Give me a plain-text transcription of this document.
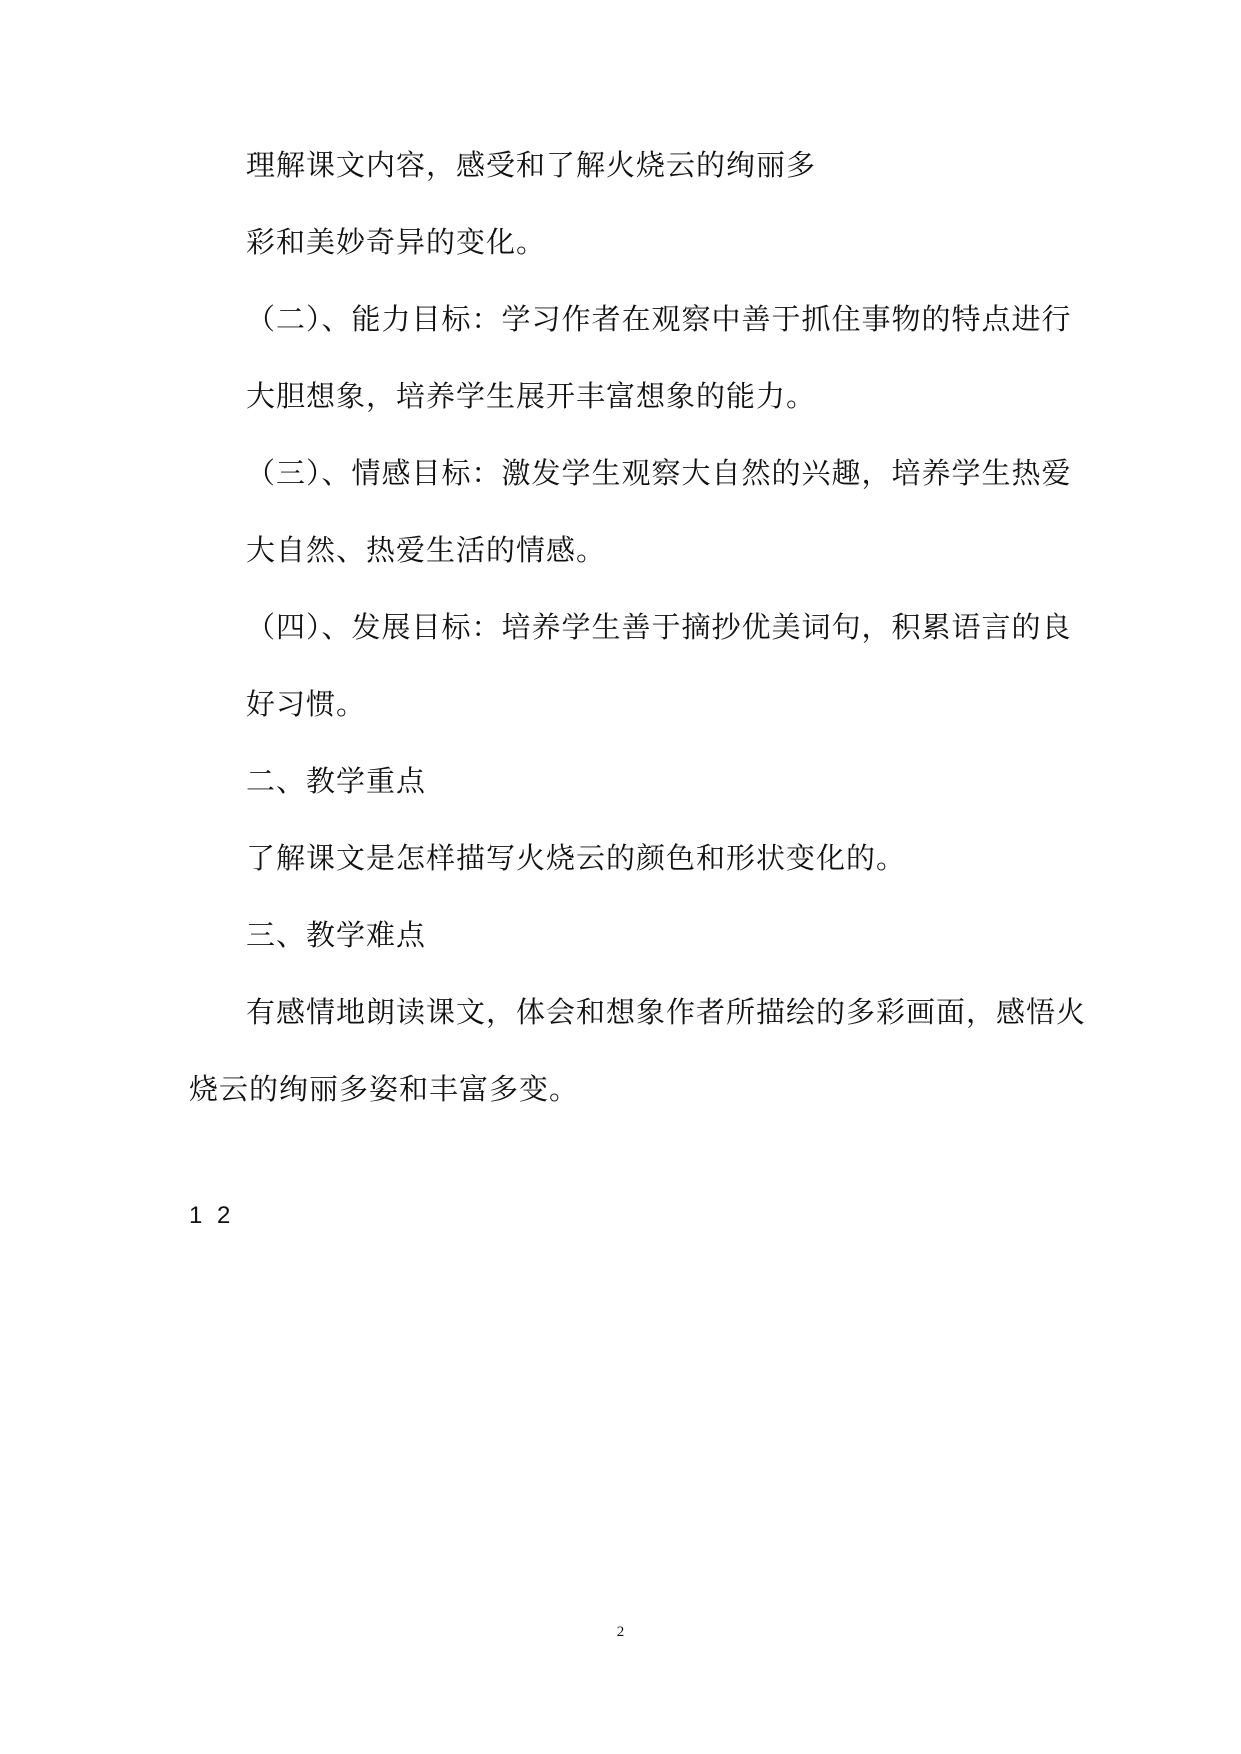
理解课文内容，感受和了解火烧云的绚丽多
彩和美妙奇异的变化。
（二）、能力目标：学习作者在观察中善于抓住事物的特点进行
大胆想象，培养学生展开丰富想象的能力。
（三）、情感目标：激发学生观察大自然的兴趣，培养学生热爱
大自然、热爱生活的情感。
（四）、发展目标：培养学生善于摘抄优美词句，积累语言的良
好习惯。
二、教学重点
了解课文是怎样描写火烧云的颜色和形状变化的。
三、教学难点
有感情地朗读课文，体会和想象作者所描绘的多彩画面，感悟火
烧云的绚丽多姿和丰富多变。
1 2
2
